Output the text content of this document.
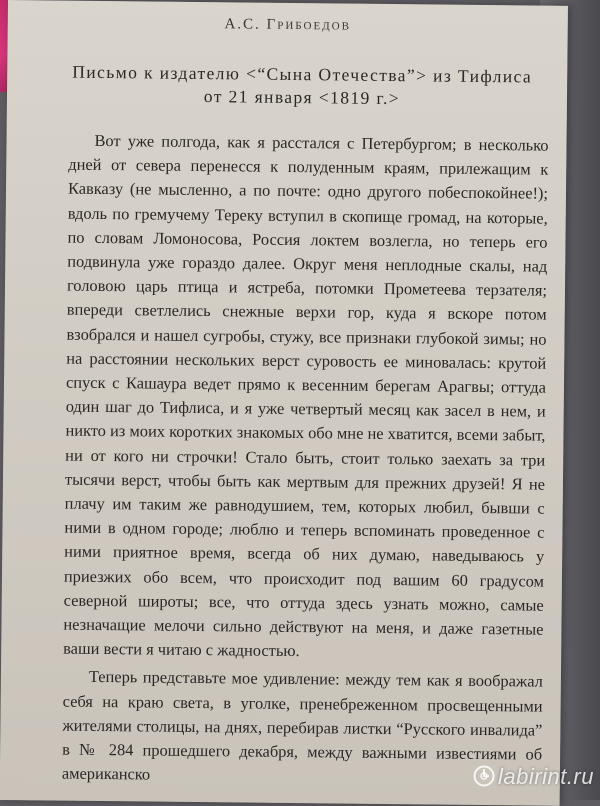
А.С. Грибоедов
Письмо к издателю <“Сына Отечества”> из Тифлиса от 21 января <1819 г.>

Вот уже полгода, как я расстался с Петербургом; в несколько дней от севера перенесся к полуденным краям, прилежащим к Кавказу (не мысленно, а по почте: одно другого побеспокойнее!); вдоль по гремучему Тереку вступил в скопище громад, на которые, по словам Ломоносова, Россия локтем возлегла, но теперь его подвинула уже гораздо далее. Округ меня неплодные скалы, над головою царь птица и ястреба, потомки Прометеева терзателя; впереди светлелись снежные верхи гор, куда я вскоре потом взобрался и нашел сугробы, стужу, все признаки глубокой зимы; но на расстоянии нескольких верст суровость ее миновалась: крутой спуск с Кашаура ведет прямо к весенним берегам Арагвы; оттуда один шаг до Тифлиса, и я уже четвертый месяц как засел в нем, и никто из моих коротких знакомых обо мне не хватится, всеми забыт, ни от кого ни строчки! Стало быть, стоит только заехать за три тысячи верст, чтобы быть как мертвым для прежних друзей! Я не плачу им таким же равнодушием, тем, которых любил, бывши с ними в одном городе; люблю и теперь вспоминать проведенное с ними приятное время, всегда об них думаю, наведываюсь у приезжих обо всем, что происходит под вашим 60 градусом северной широты; все, что оттуда здесь узнать можно, самые незначащие мелочи сильно действуют на меня, и даже газетные ваши вести я читаю с жадностью.

Теперь представьте мое удивление: между тем как я воображал себя на краю света, в уголке, пренебреженном просвещенными жителями столицы, на днях, перебирав листки “Русского инвалида” в № 284 прошедшего декабря, между важными известиями об американско	labirint.ru
